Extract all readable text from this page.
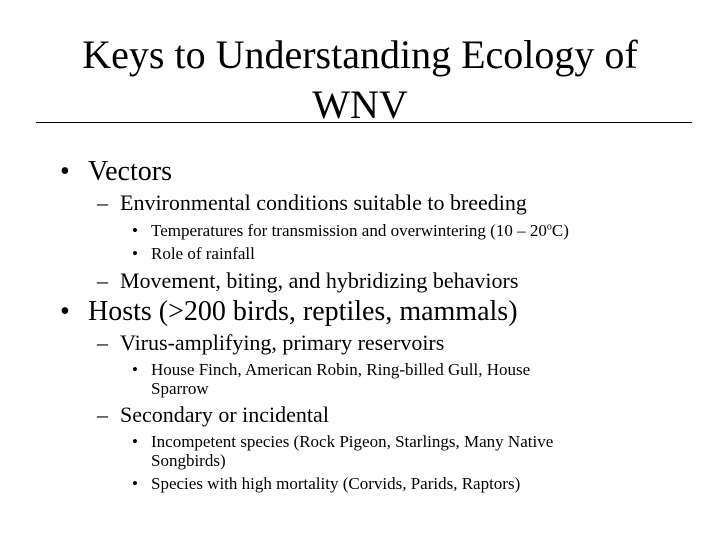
Keys to Understanding Ecology of
WNV
• Vectors
– Environmental conditions suitable to breeding
• Temperatures for transmission and overwintering (10 – 20$^o$C)
• Role of rainfall
– Movement, biting, and hybridizing behaviors
• Hosts (>200 birds, reptiles, mammals)
– Virus-amplifying, primary reservoirs
• House Finch, American Robin, Ring-billed Gull, House
Sparrow
– Secondary or incidental
• Incompetent species (Rock Pigeon, Starlings, Many Native
Songbirds)
• Species with high mortality (Corvids, Parids, Raptors)
